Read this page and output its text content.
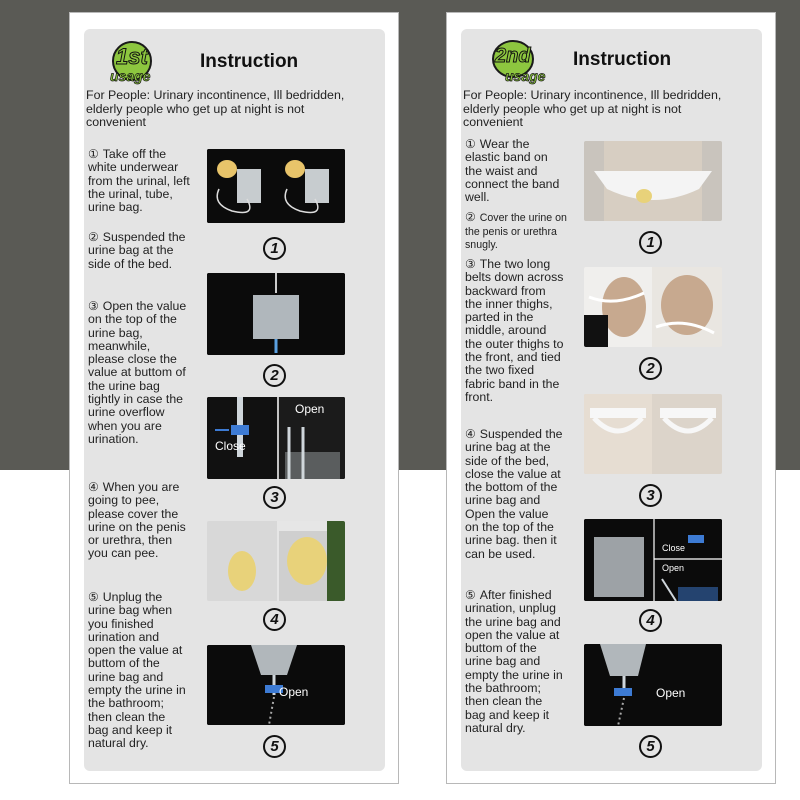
1st
usage
Instruction
For People: Urinary incontinence, Ill bedridden, elderly people who get up at night is not convenient
① Take off the white underwear from the urinal, left the urinal, tube, urine bag.
1
② Suspended the urine bag at the side of the bed.
2
③ Open the value on the top of the urine bag, meanwhile, please close the value at buttom of the urine bag tightly in case the urine overflow when you are urination.
Open
Close
3
④ When you are going to pee, please cover the urine on the penis or urethra, then you can pee.
4
⑤ Unplug the urine bag when you finished urination and open the value at buttom of the urine bag and empty the urine in the bathroom; then clean the bag and keep it natural dry.
Open
5
2nd
usage
Instruction
For People: Urinary incontinence, Ill bedridden, elderly people who get up at night is not convenient
① Wear the elastic band on the waist and connect the band well.
1
② Cover the urine on the penis or urethra snugly.
③ The two long belts down across backward from the inner thighs, parted in the middle, around the outer thighs to the front, and tied the two fixed fabric band in the front.
2
3
④ Suspended the urine bag at the side of the bed, close the value at the bottom of the urine bag and Open the value on the top of the urine bag. then it can be used.	Close
Open
4
⑤ After finished urination, unplug the urine bag and open the value at buttom of the urine bag and empty the urine in the bathroom; then clean the bag and keep it natural dry.
Open
5
